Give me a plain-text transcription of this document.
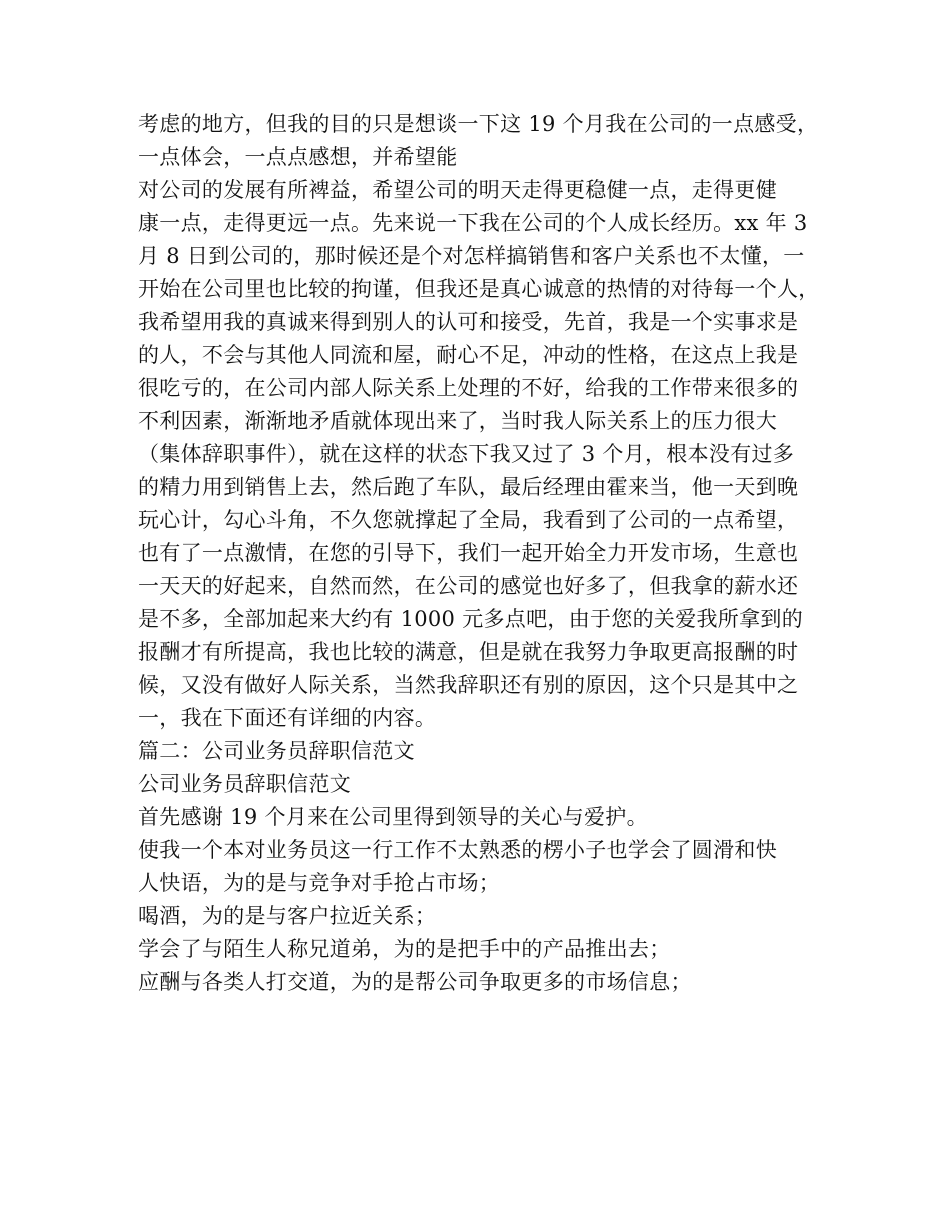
考虑的地方，但我的目的只是想谈一下这 19 个月我在公司的一点感受，
一点体会，一点点感想，并希望能
对公司的发展有所裨益，希望公司的明天走得更稳健一点，走得更健
康一点，走得更远一点。先来说一下我在公司的个人成长经历。xx 年 3
月 8 日到公司的，那时候还是个对怎样搞销售和客户关系也不太懂，一
开始在公司里也比较的拘谨，但我还是真心诚意的热情的对待每一个人，
我希望用我的真诚来得到别人的认可和接受，先首，我是一个实事求是
的人，不会与其他人同流和屋，耐心不足，冲动的性格，在这点上我是
很吃亏的，在公司内部人际关系上处理的不好，给我的工作带来很多的
不利因素，渐渐地矛盾就体现出来了，当时我人际关系上的压力很大
（集体辞职事件），就在这样的状态下我又过了 3 个月，根本没有过多
的精力用到销售上去，然后跑了车队，最后经理由霍来当，他一天到晚
玩心计，勾心斗角，不久您就撑起了全局，我看到了公司的一点希望，
也有了一点激情，在您的引导下，我们一起开始全力开发市场，生意也
一天天的好起来，自然而然，在公司的感觉也好多了，但我拿的薪水还
是不多，全部加起来大约有 1000 元多点吧，由于您的关爱我所拿到的
报酬才有所提高，我也比较的满意，但是就在我努力争取更高报酬的时
候，又没有做好人际关系，当然我辞职还有别的原因，这个只是其中之
一，我在下面还有详细的内容。
篇二：公司业务员辞职信范文
公司业务员辞职信范文
首先感谢 19 个月来在公司里得到领导的关心与爱护。
使我一个本对业务员这一行工作不太熟悉的楞小子也学会了圆滑和快
人快语，为的是与竞争对手抢占市场；
喝酒，为的是与客户拉近关系；
学会了与陌生人称兄道弟，为的是把手中的产品推出去；
应酬与各类人打交道，为的是帮公司争取更多的市场信息；
